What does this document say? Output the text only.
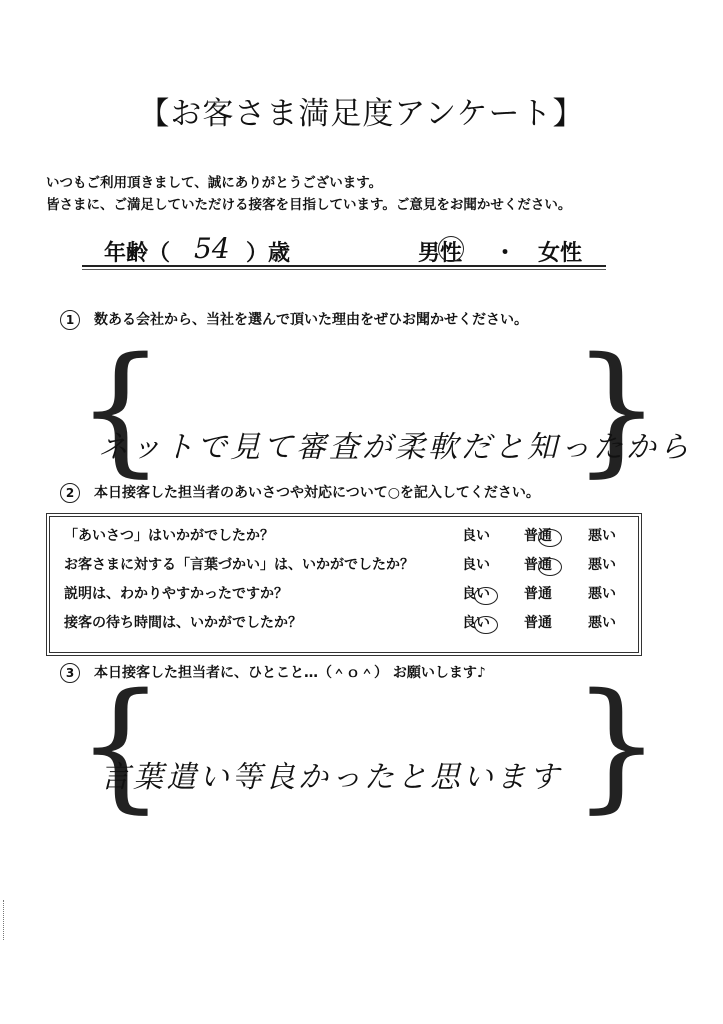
【お客さま満足度アンケート】
いつもご利用頂きまして、誠にありがとうございます。
皆さまに、ご満足していただける接客を目指しています。ご意見をお聞かせください。
年齢（ 54 ）歳	男性 ・ 女性
1 数ある会社から、当社を選んで頂いた理由をぜひお聞かせください。
{	}
ネットで見て審査が柔軟だと知ったから
2 本日接客した担当者のあいさつや対応について○を記入してください。
「あいさつ」はいかがでしたか？	良い 普通	悪い
お客さまに対する「言葉づかい」は、いかがでしたか？	良い 普通	悪い
説明は、わかりやすかったですか？	良い 普通	悪い
接客の待ち時間は、いかがでしたか？	良い 普通	悪い
3 本日接客した担当者に、ひとこと…（＾ｏ＾） お願いします♪
{	}
言葉遣い等良かったと思います
